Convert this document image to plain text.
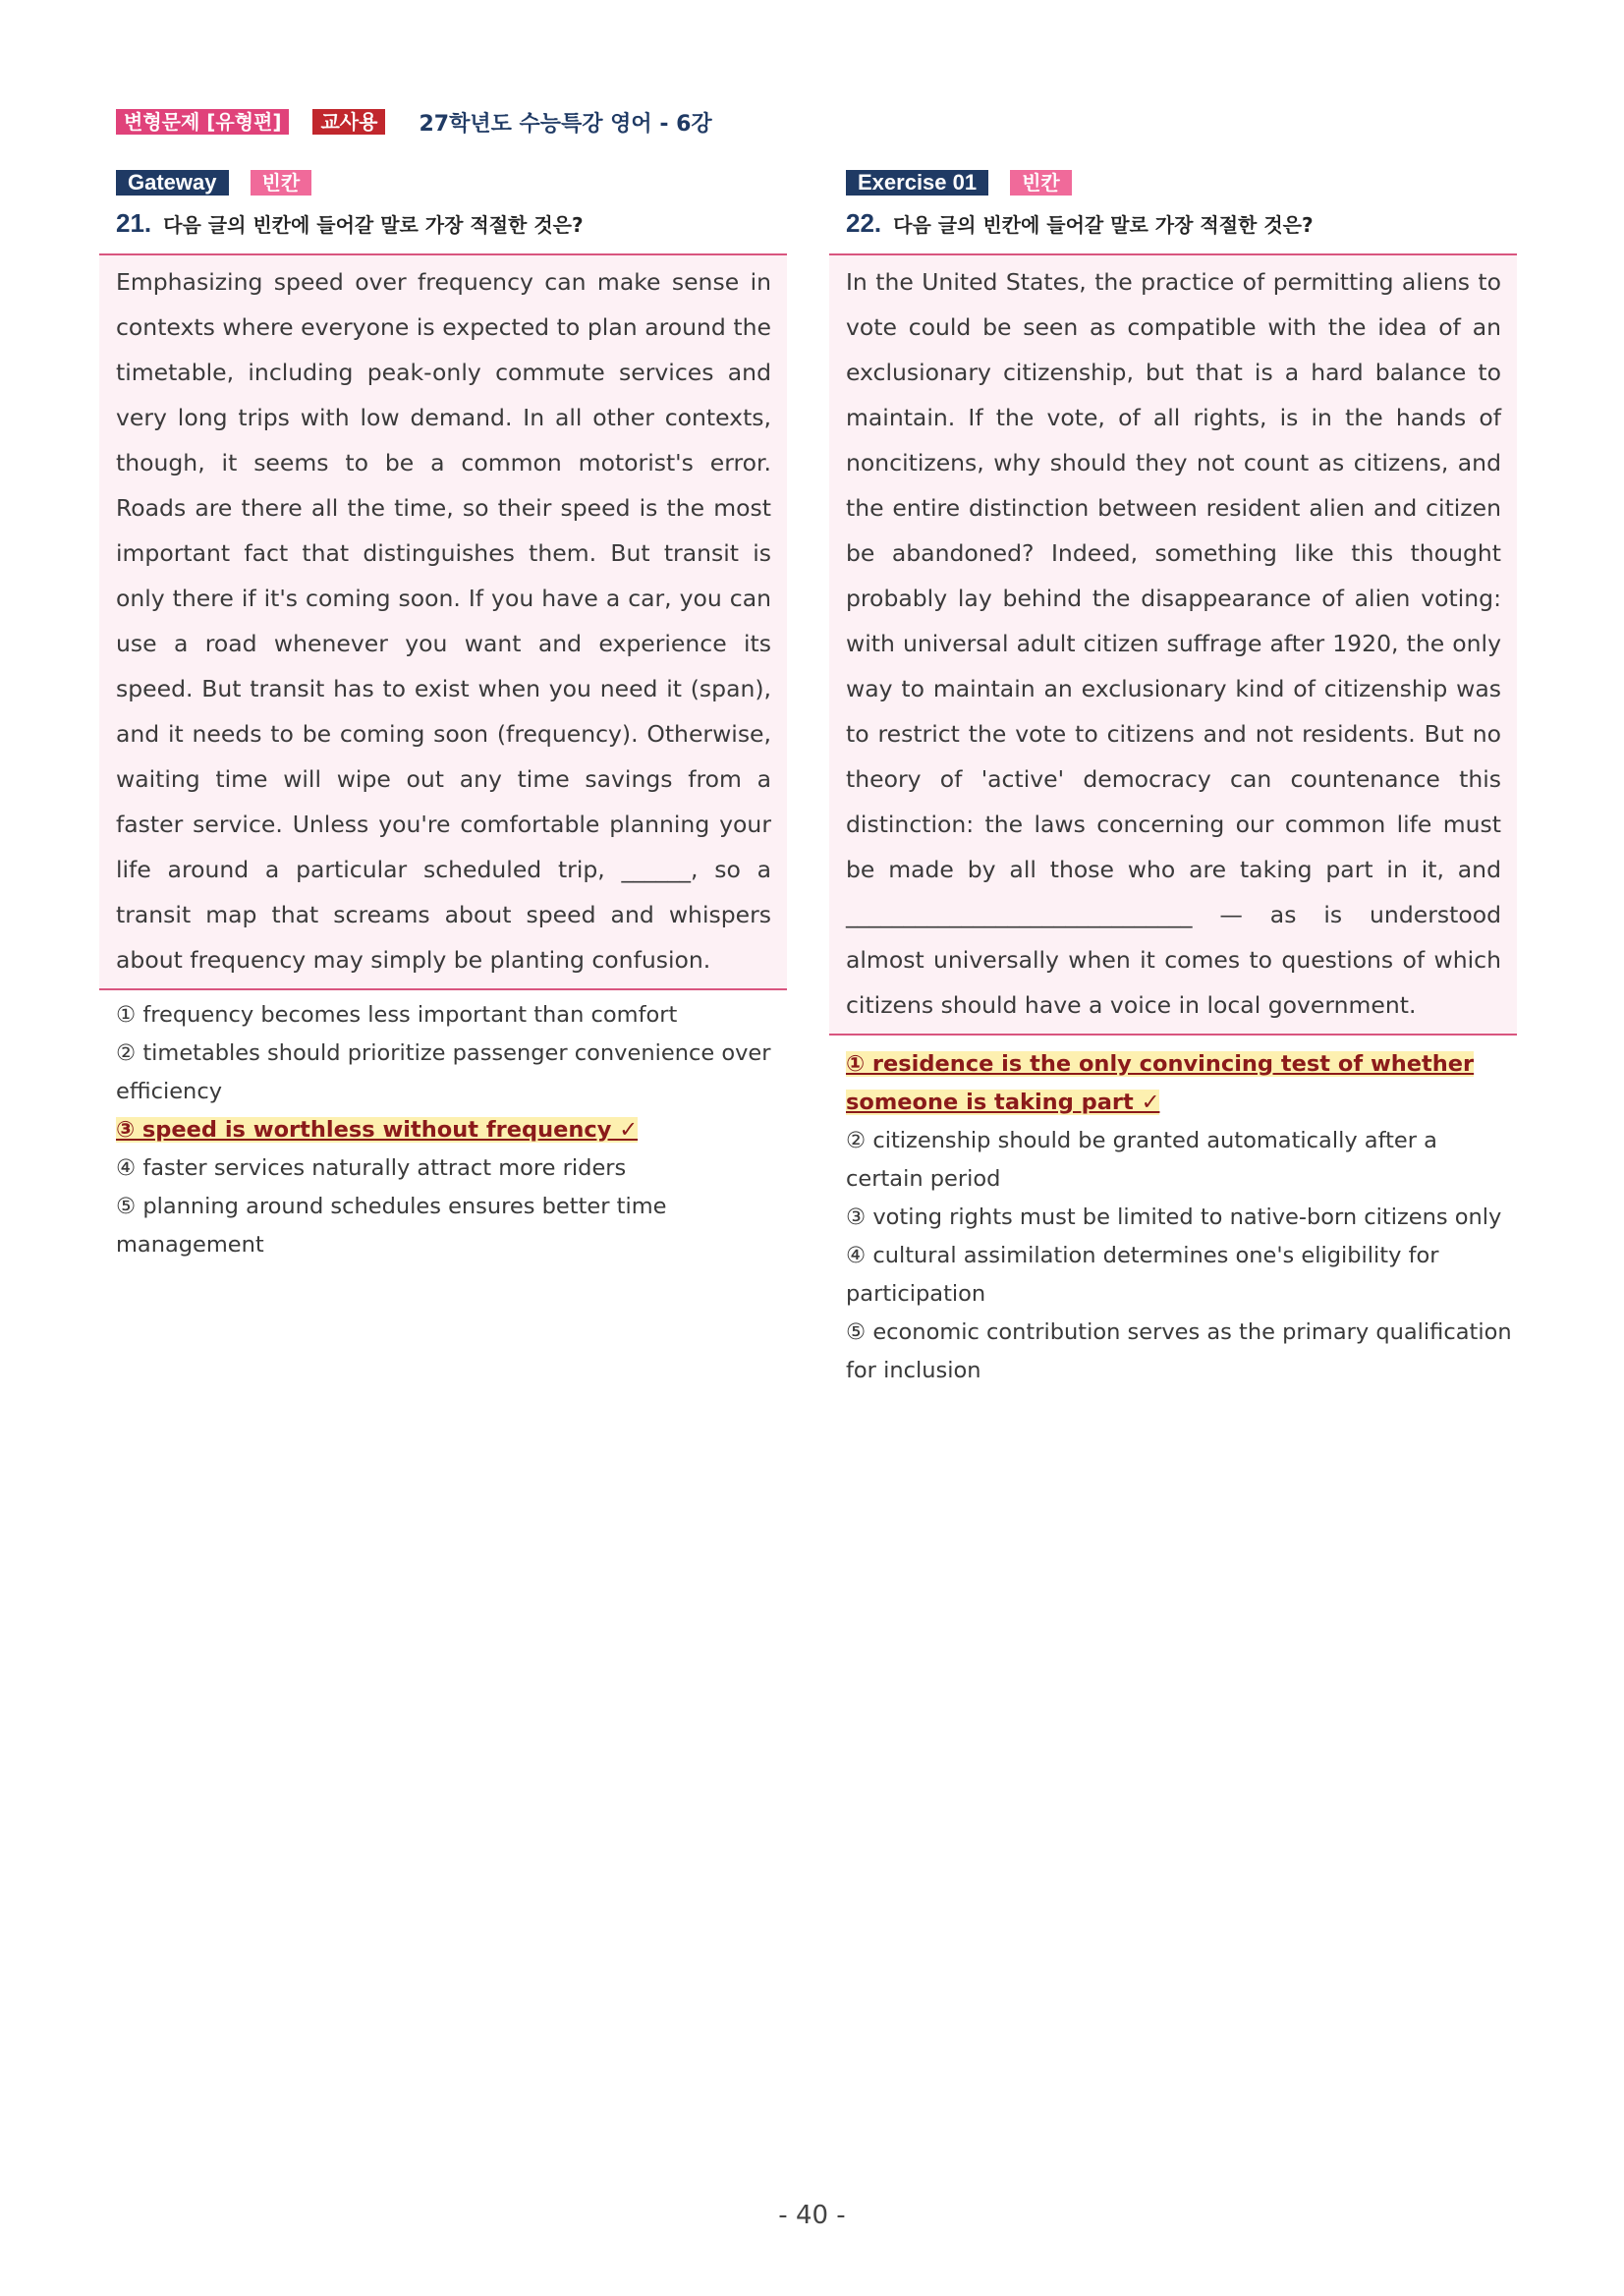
변형문제 [유형편]	교사용	27학년도 수능특강 영어 - 6강
Gateway	빈칸
21. 다음 글의 빈칸에 들어갈 말로 가장 적절한 것은?

Emphasizing speed over frequency can make sense in contexts where everyone is expected to plan around the timetable, including peak-only commute services and very long trips with low demand. In all other contexts, though, it seems to be a common motorist's error. Roads are there all the time, so their speed is the most important fact that distinguishes them. But transit is only there if it's coming soon. If you have a car, you can use a road whenever you want and experience its speed. But transit has to exist when you need it (span), and it needs to be coming soon (frequency). Otherwise, waiting time will wipe out any time savings from a faster service. Unless you're comfortable planning your life around a particular scheduled trip, ______, so a transit map that screams about speed and whispers about frequency may simply be planting confusion.

① frequency becomes less important than comfort
② timetables should prioritize passenger convenience over efficiency
③ speed is worthless without frequency ✓
④ faster services naturally attract more riders
⑤ planning around schedules ensures better time management
Exercise 01	빈칸
22. 다음 글의 빈칸에 들어갈 말로 가장 적절한 것은?

In the United States, the practice of permitting aliens to vote could be seen as compatible with the idea of an exclusionary citizenship, but that is a hard balance to maintain. If the vote, of all rights, is in the hands of noncitizens, why should they not count as citizens, and the entire distinction between resident alien and citizen be abandoned? Indeed, something like this thought probably lay behind the disappearance of alien voting: with universal adult citizen suffrage after 1920, the only way to maintain an exclusionary kind of citizenship was to restrict the vote to citizens and not residents. But no theory of 'active' democracy can countenance this distinction: the laws concerning our common life must be made by all those who are taking part in it, and ______________________________ — as is understood almost universally when it comes to questions of which citizens should have a voice in local government.

① residence is the only convincing test of whether someone is taking part ✓
② citizenship should be granted automatically after a certain period
③ voting rights must be limited to native-born citizens only
④ cultural assimilation determines one's eligibility for participation
⑤ economic contribution serves as the primary qualification for inclusion
- 40 -
